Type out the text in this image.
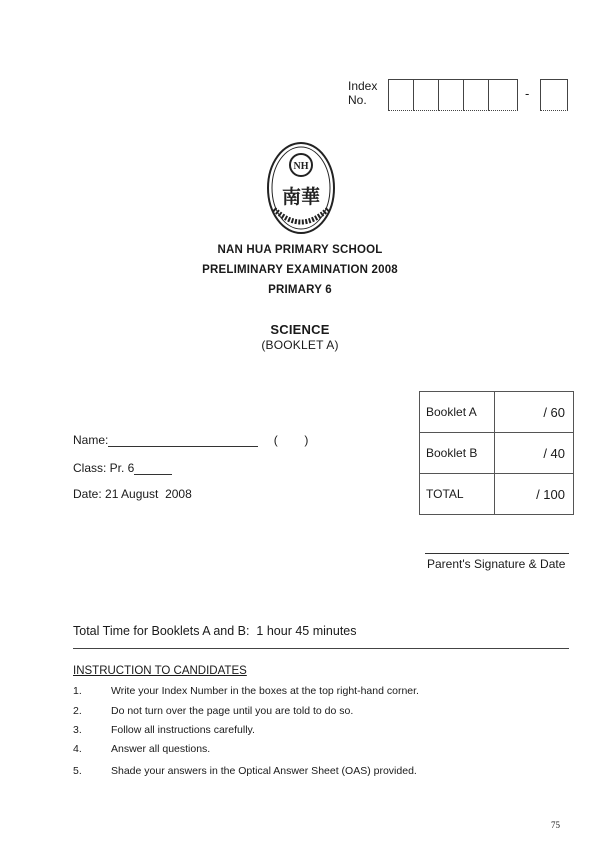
Index
No.	-
NH
南華
NAN HUA PRIMARY SCHOOL
PRELIMINARY EXAMINATION 2008
PRIMARY 6
SCIENCE
(BOOKLET A)
Name:	(        )
Class: Pr. 6
Date: 21 August  2008
Booklet A	/ 60
Booklet B	/ 40
TOTAL	/ 100
Parent's Signature & Date
Total Time for Booklets A and B:  1 hour 45 minutes
INSTRUCTION TO CANDIDATES
1.	Write your Index Number in the boxes at the top right-hand corner.
2.	Do not turn over the page until you are told to do so.
3.	Follow all instructions carefully.
4.	Answer all questions.
5.	Shade your answers in the Optical Answer Sheet (OAS) provided.
75
